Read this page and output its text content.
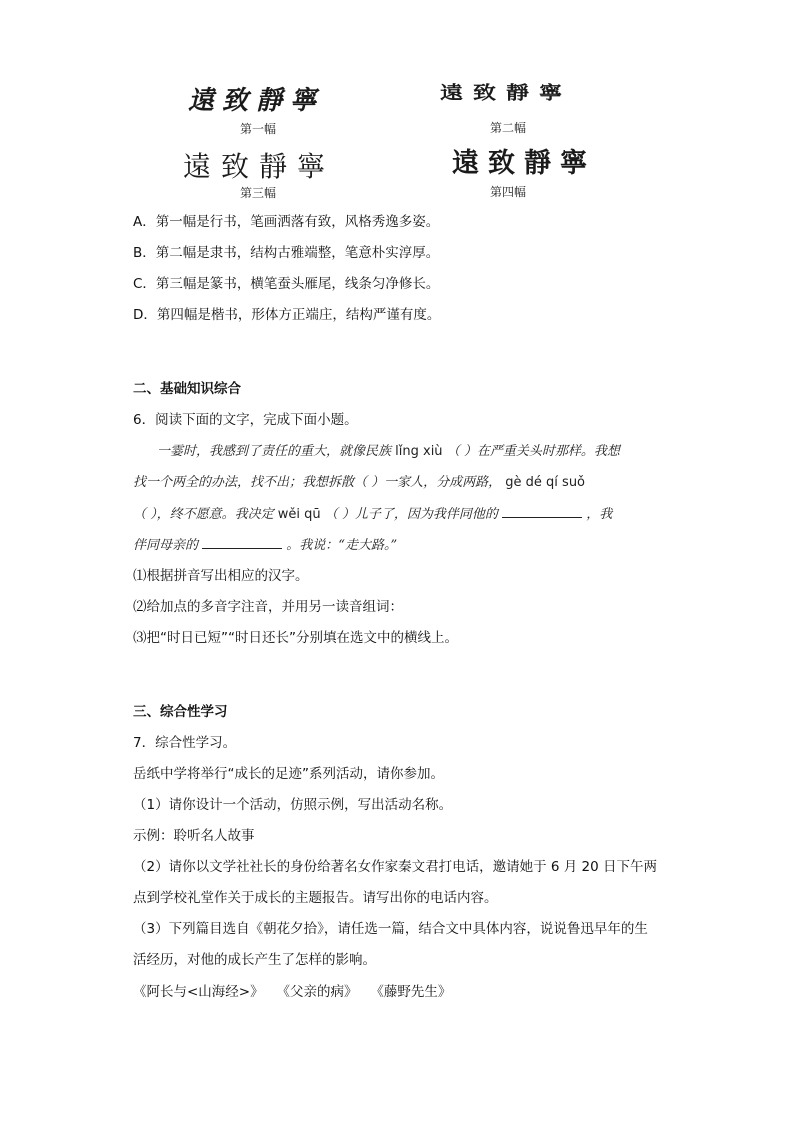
遠致靜寧
第一幅
遠致靜寧
第二幅
遠致靜寧
第三幅
遠致靜寧
第四幅
A．第一幅是行书，笔画洒落有致，风格秀逸多姿。
B．第二幅是隶书，结构古雅端整，笔意朴实淳厚。
C．第三幅是篆书，横笔蚕头雁尾，线条匀净修长。
D．第四幅是楷书，形体方正端庄，结构严谨有度。
二、基础知识综合
6．阅读下面的文字，完成下面小题。
一霎时，我感到了责任的重大，就像民族 lǐng xiù （ ）在严重关头时那样。我想
找一个两全的办法，找不出；我想拆散（ ）一家人，分成两路， gè dé qí suǒ
（ ），终不愿意。我决定 wěi qū （ ）儿子了，因为我伴同他的	，我
伴同母亲的	。我说：“走大路。”
⑴根据拼音写出相应的汉字。
⑵给加点的多音字注音，并用另一读音组词：
⑶把“时日已短”“时日还长”分别填在选文中的横线上。
三、综合性学习
7．综合性学习。
岳纸中学将举行“成长的足迹”系列活动，请你参加。
（1）请你设计一个活动，仿照示例，写出活动名称。
示例：聆听名人故事
（2）请你以文学社社长的身份给著名女作家秦文君打电话，邀请她于 6 月 20 日下午两
点到学校礼堂作关于成长的主题报告。请写出你的电话内容。
（3）下列篇目选自《朝花夕拾》，请任选一篇，结合文中具体内容，说说鲁迅早年的生
活经历，对他的成长产生了怎样的影响。
《阿长与<山海经>》   《父亲的病》   《藤野先生》
